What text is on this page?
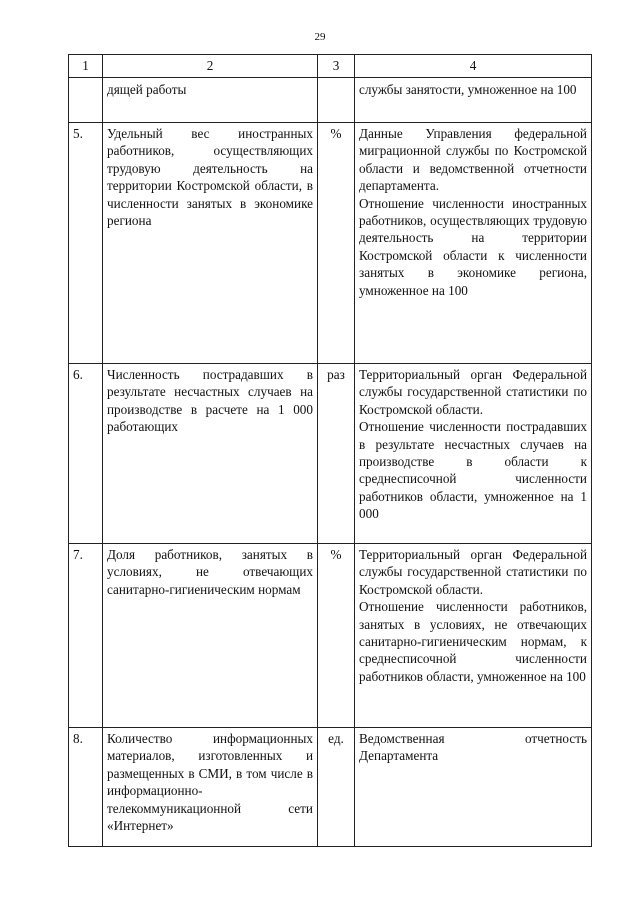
29
1	2	3	4
	дящей работы		службы занятости, умноженное на 100
5.	Удельный вес иностранных работников, осуществляющих трудовую деятельность на территории Костромской области, в численности занятых в экономике региона	%	Данные Управления федеральной миграционной службы по Костромской области и ведомственной отчетности департамента.

Отношение численности иностранных работников, осуществляющих трудовую деятельность на территории Костромской области к численности занятых в экономике региона, умноженное на 100

6.	Численность пострадавших в результате несчастных случаев на производстве в расчете на 1 000 работающих	раз	Территориальный орган Федеральной службы государственной статистики по Костромской области.

Отношение численности пострадавших в результате несчастных случаев на производстве в области к среднесписочной численности работников области, умноженное на 1 000

7.	Доля работников, занятых в условиях, не отвечающих санитарно-гигиеническим нормам	%	Территориальный орган Федеральной службы государственной статистики по Костромской области.

Отношение численности работников, занятых в условиях, не отвечающих санитарно-гигиеническим нормам, к среднесписочной численности работников области, умноженное на 100

8.	Количество информационных материалов, изготовленных и размещенных в СМИ, в том числе в информационно-телекоммуникационной сети «Интернет»	ед.	Ведомственная отчетность Департамента
